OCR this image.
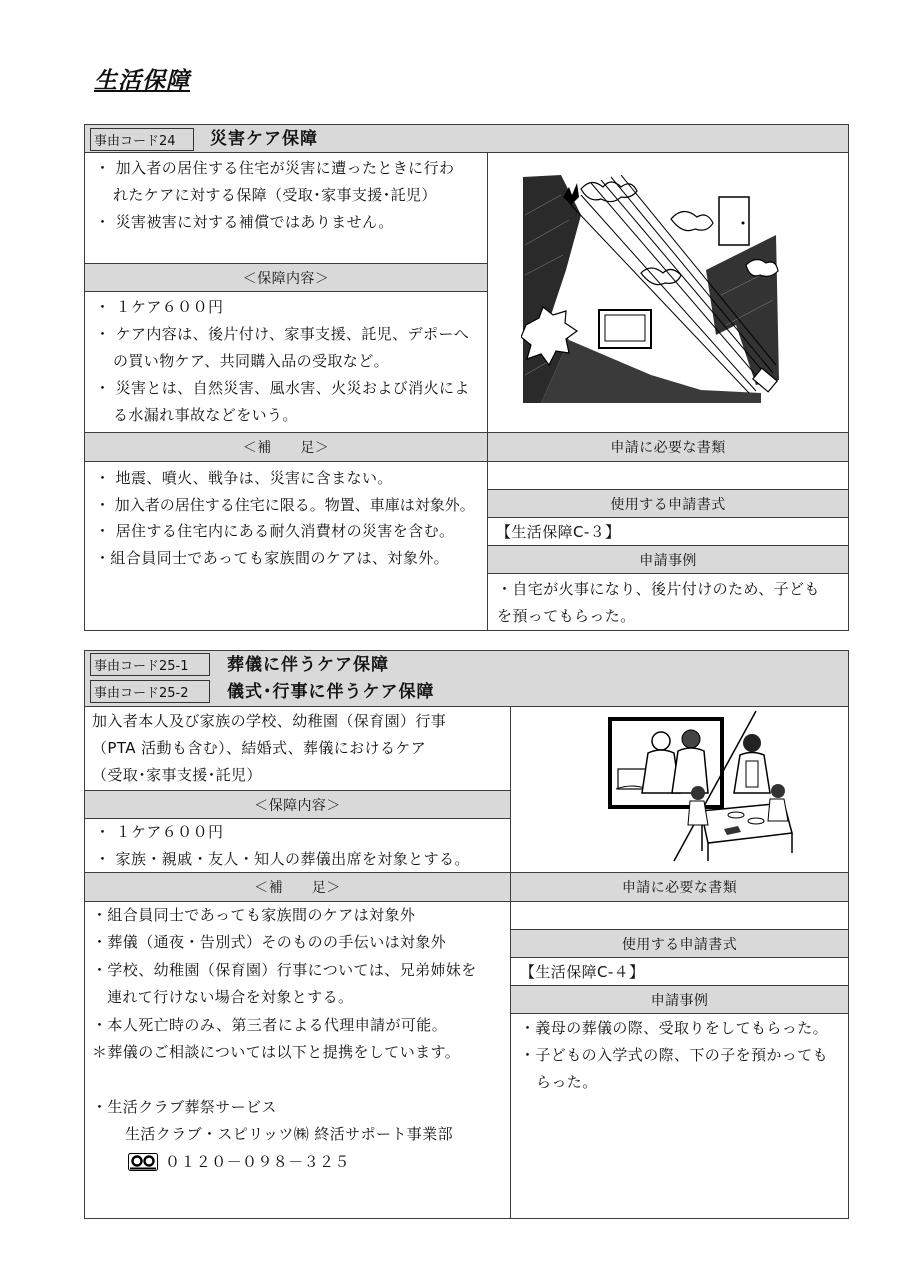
生活保障
事由コード24	災害ケア保障
・ 加入者の居住する住宅が災害に遭ったときに行わ
れたケアに対する保障（受取･家事支援･託児）
・ 災害被害に対する補償ではありません。
＜保障内容＞
・ １ケア６００円
・ ケア内容は、後片付け、家事支援、託児、デポーへ
の買い物ケア、共同購入品の受取など。
・ 災害とは、自然災害、風水害、火災および消火によ
る水漏れ事故などをいう。
＜補　　足＞	申請に必要な書類
・ 地震、噴火、戦争は、災害に含まない。
・ 加入者の居住する住宅に限る。物置、車庫は対象外。
・ 居住する住宅内にある耐久消費材の災害を含む。
・組合員同士であっても家族間のケアは、対象外。
使用する申請書式
【生活保障C-３】
申請事例
・自宅が火事になり、後片付けのため、子ども
を預ってもらった。
事由コード25-1	葬儀に伴うケア保障
事由コード25-2	儀式･行事に伴うケア保障
加入者本人及び家族の学校、幼稚園（保育園）行事
（PTA 活動も含む）、結婚式、葬儀におけるケア
（受取･家事支援･託児）
＜保障内容＞
・ １ケア６００円
・ 家族・親戚・友人・知人の葬儀出席を対象とする。
＜補　　足＞	申請に必要な書類
・組合員同士であっても家族間のケアは対象外
・葬儀（通夜・告別式）そのものの手伝いは対象外
・学校、幼稚園（保育園）行事については、兄弟姉妹を
連れて行けない場合を対象とする。
・本人死亡時のみ、第三者による代理申請が可能。
＊葬儀のご相談については以下と提携をしています。
・生活クラブ葬祭サービス
生活クラブ・スピリッツ㈱ 終活サポート事業部
０１２０－０９８－３２５
使用する申請書式
【生活保障C-４】
申請事例
・義母の葬儀の際、受取りをしてもらった。
・子どもの入学式の際、下の子を預かっても
らった。
